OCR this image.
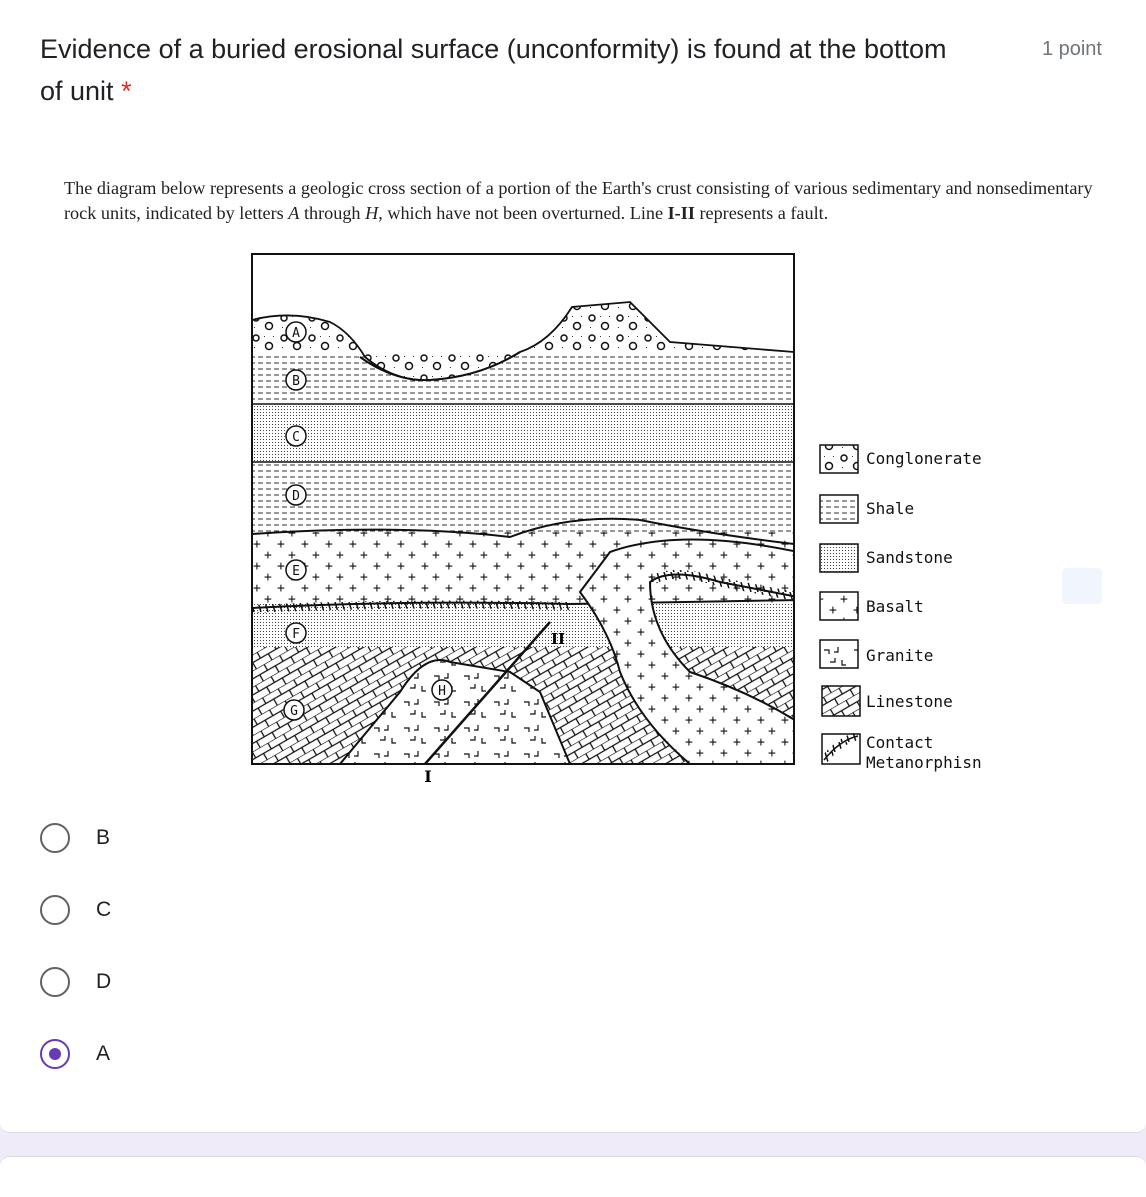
Evidence of a buried erosional surface (unconformity) is found at the bottom of unit *
1 point
The diagram below represents a geologic cross section of a portion of the Earth's crust consisting of various sedimentary and nonsedimentary rock units, indicated by letters A through H, which have not been overturned. Line I-II represents a fault.
A
B
C
D
E
F
G
H
I
II
Conglonerate
Shale
Sandstone
Basalt
Granite
Linestone
Contact
Metanorphisn
B
C
D
A
